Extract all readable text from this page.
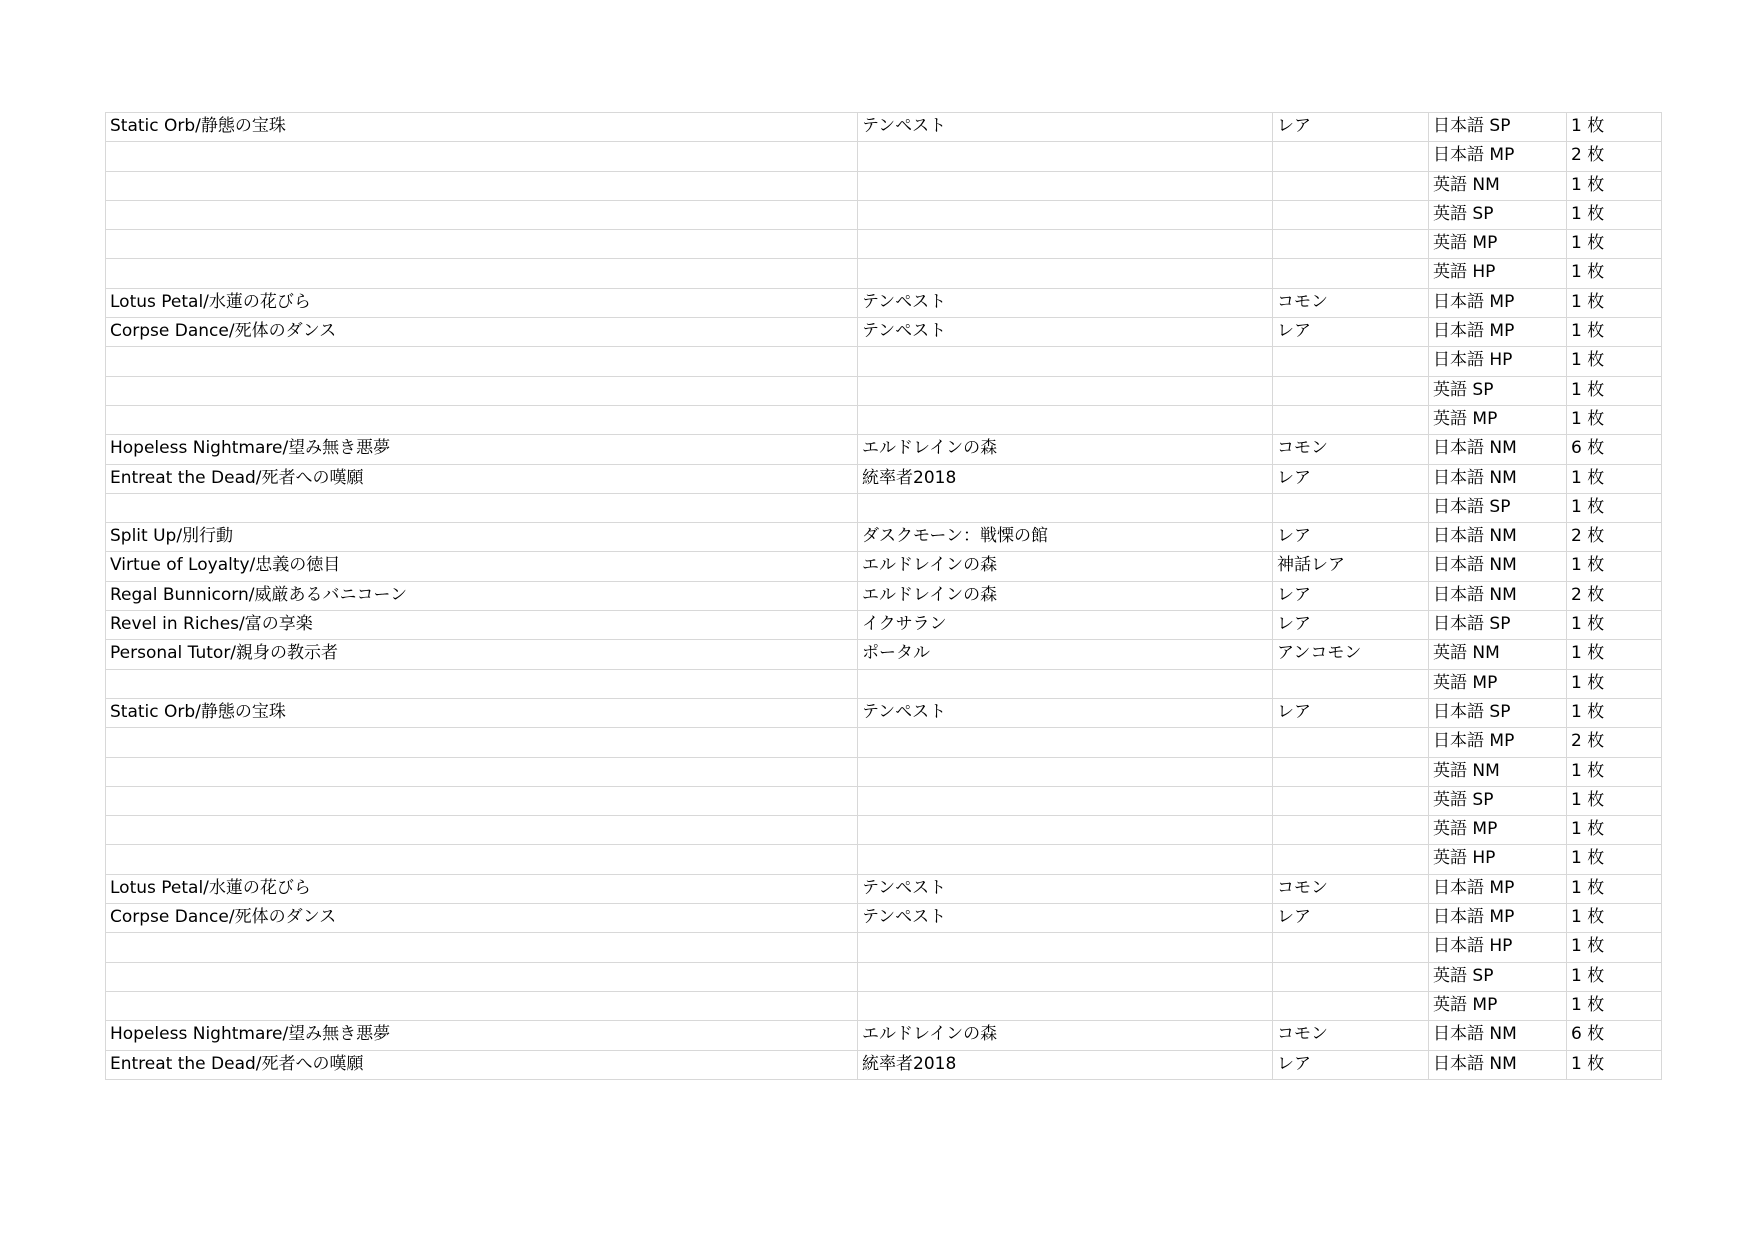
Static Orb/静態の宝珠	テンペスト	レア	日本語 SP	1 枚
			日本語 MP	2 枚
			英語 NM	1 枚
			英語 SP	1 枚
			英語 MP	1 枚
			英語 HP	1 枚
Lotus Petal/水蓮の花びら	テンペスト	コモン	日本語 MP	1 枚
Corpse Dance/死体のダンス	テンペスト	レア	日本語 MP	1 枚
			日本語 HP	1 枚
			英語 SP	1 枚
			英語 MP	1 枚
Hopeless Nightmare/望み無き悪夢	エルドレインの森	コモン	日本語 NM	6 枚
Entreat the Dead/死者への嘆願	統率者2018	レア	日本語 NM	1 枚
			日本語 SP	1 枚
Split Up/別行動	ダスクモーン：戦慄の館	レア	日本語 NM	2 枚
Virtue of Loyalty/忠義の徳目	エルドレインの森	神話レア	日本語 NM	1 枚
Regal Bunnicorn/威厳あるバニコーン	エルドレインの森	レア	日本語 NM	2 枚
Revel in Riches/富の享楽	イクサラン	レア	日本語 SP	1 枚
Personal Tutor/親身の教示者	ポータル	アンコモン	英語 NM	1 枚
			英語 MP	1 枚
Static Orb/静態の宝珠	テンペスト	レア	日本語 SP	1 枚
			日本語 MP	2 枚
			英語 NM	1 枚
			英語 SP	1 枚
			英語 MP	1 枚
			英語 HP	1 枚
Lotus Petal/水蓮の花びら	テンペスト	コモン	日本語 MP	1 枚
Corpse Dance/死体のダンス	テンペスト	レア	日本語 MP	1 枚
			日本語 HP	1 枚
			英語 SP	1 枚
			英語 MP	1 枚
Hopeless Nightmare/望み無き悪夢	エルドレインの森	コモン	日本語 NM	6 枚
Entreat the Dead/死者への嘆願	統率者2018	レア	日本語 NM	1 枚
